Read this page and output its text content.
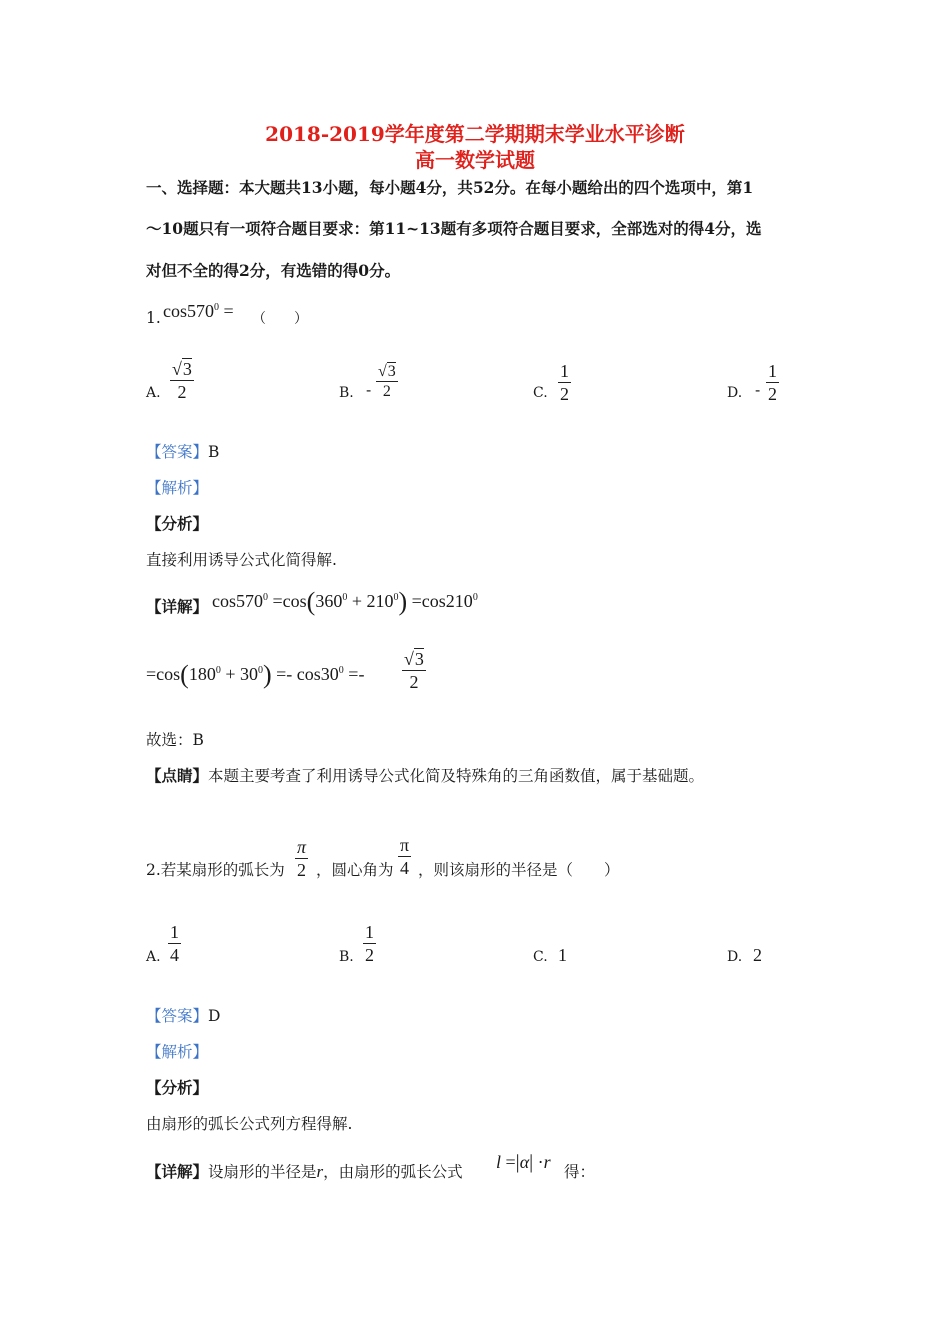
2018-2019学年度第二学期期末学业水平诊断
高一数学试题
一、选择题：本大题共13小题，每小题4分，共52分。在每小题给出的四个选项中，第1
～10题只有一项符合题目要求：第11~13题有多项符合题目要求，全部选对的得4分，选
对但不全的得2分，有选错的得0分。
1. $\cos 570^0$ = （　　）
A.
√3
2	B. -
√3
2	C.
1
2	D. -
1
2
【答案】B
【解析】
【分析】
直接利用诱导公式化简得解.
【详解】 $\cos 570^0 =\cos(360^0 + 210^0) =\cos 210^0$
$=\cos(180^0 + 30^0) =- \cos 30^0$ =-
√3
2
故选：B
【点睛】本题主要考查了利用诱导公式化简及特殊角的三角函数值，属于基础题。
2.若某扇形的弧长为
π
2 ，圆心角为
π
4 ，则该扇形的半径是（　　）
A.
1
4	B.
1
2	C. 1	D. 2
【答案】D
【解析】
【分析】
由扇形的弧长公式列方程得解.
【详解】设扇形的半径是r，由扇形的弧长公式 l =|α| ·r 得：
